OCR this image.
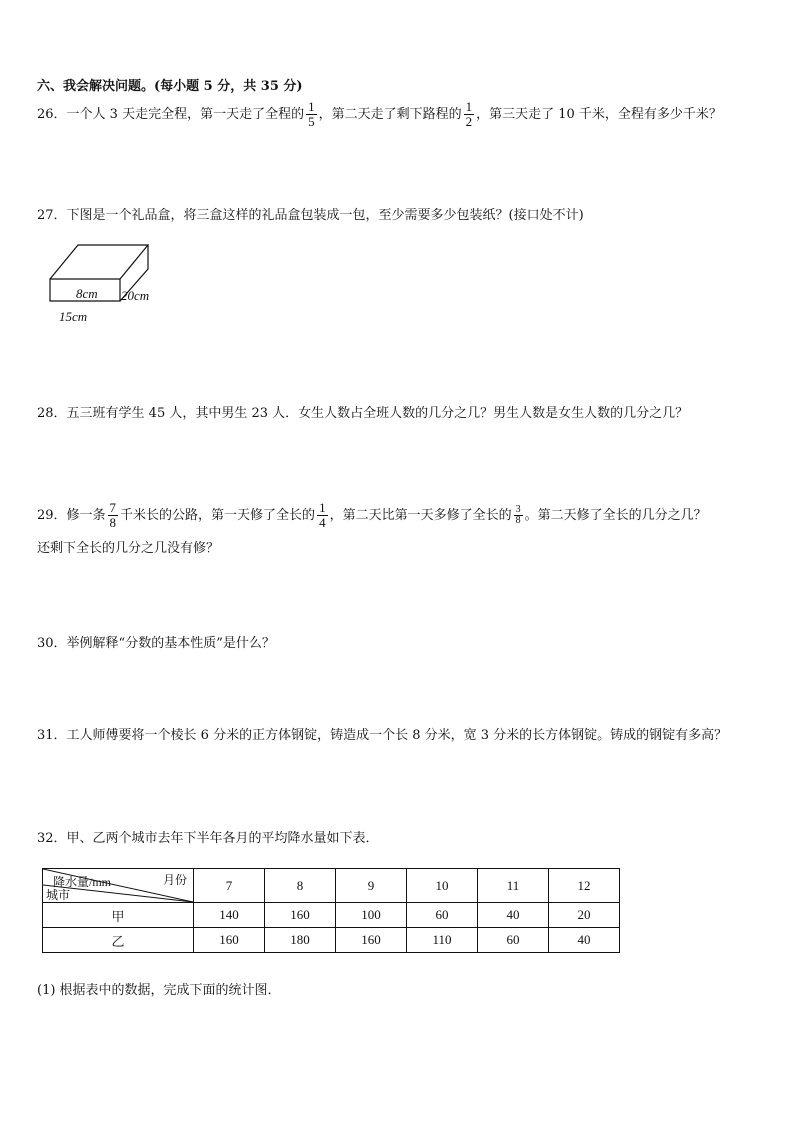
六、我会解决问题。(每小题 5 分，共 35 分)
26．一个人 3 天走完全程，第一天走了全程的 $\frac{1}{5}$ ，第二天走了剩下路程的 $\frac{1}{2}$ ，第三天走了 10 千米，全程有多少千米？
27．下图是一个礼品盒，将三盒这样的礼品盒包装成一包，至少需要多少包装纸？(接口处不计)
8cm 20cm
15cm
28．五三班有学生 45 人，其中男生 23 人．女生人数占全班人数的几分之几？男生人数是女生人数的几分之几？
29．修一条 $\frac{7}{8}$ 千米长的公路，第一天修了全长的 $\frac{1}{4}$ ，第二天比第一天多修了全长的 $\frac{3}{8}$ 。第二天修了全长的几分之几？
还剩下全长的几分之几没有修？
30．举例解释“分数的基本性质”是什么？
31．工人师傅要将一个棱长 6 分米的正方体钢锭，铸造成一个长 8 分米，宽 3 分米的长方体钢锭。铸成的钢锭有多高？
32．甲、乙两个城市去年下半年各月的平均降水量如下表．
月份
降水量/mm
城市	7	8	9	10	11	12
甲	140	160	100	60	40	20
乙	160	180	160	110	60	40
(1) 根据表中的数据，完成下面的统计图．
